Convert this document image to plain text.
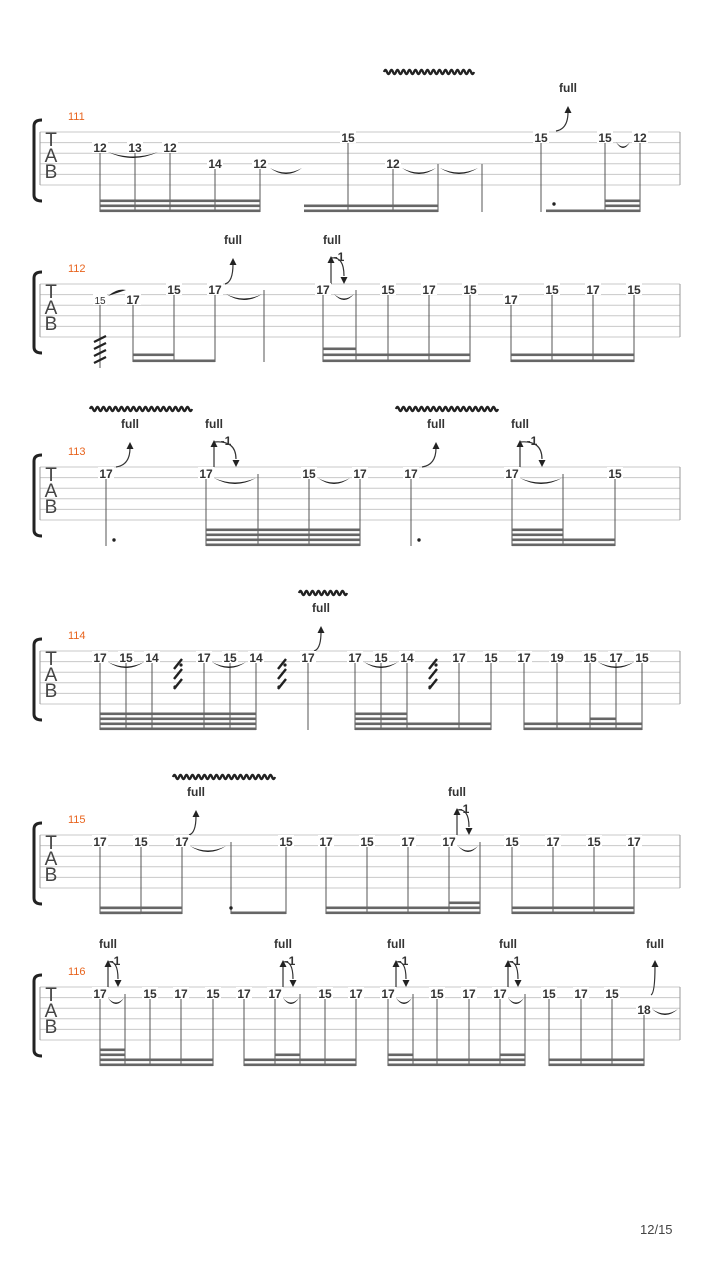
T
A
B
111
full
12 13 12
14	12
15
12
15	15 12
T
A
B
112
full	full
-1
15 17
15 17	17	15 17 15
17
15 17 15
T
A
B
113
full	full
-1
full	full
-1
17	17	15	17	17	17	15
T
A
B
114
full
17 15 14	17 15 14	17	17 15 14	17 15 17 19 15 17 15
T
A
B
115
full	full
-1
17 15 17	15 17 15 17 17	15 17 15 17
T
A
B
116
full
-1
full
-1
full
-1
full
-1
full
17	15 17 15 17 17	15 17 17	15 17 17	15 17 15
18
12/15
